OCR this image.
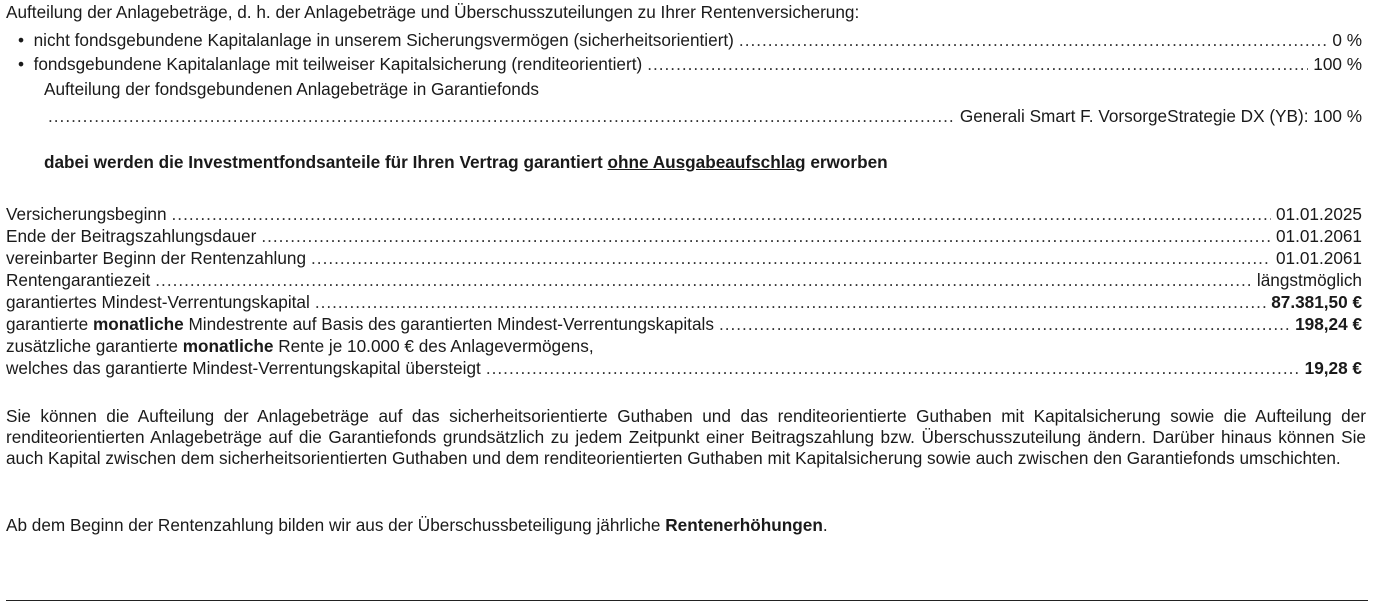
Aufteilung der Anlagebeträge, d. h. der Anlagebeträge und Überschusszuteilungen zu Ihrer Rentenversicherung:
• nicht fondsgebundene Kapitalanlage in unserem Sicherungsvermögen (sicherheitsorientiert) .....	0 %
• fondsgebundene Kapitalanlage mit teilweiser Kapitalsicherung (renditeorientiert) .....	100 %
Aufteilung der fondsgebundenen Anlagebeträge in Garantiefonds
.....
Generali Smart F. VorsorgeStrategie DX (YB): 100 %
dabei werden die Investmentfondsanteile für Ihren Vertrag garantiert ohne Ausgabeaufschlag erworben
Versicherungsbeginn .....	01.01.2025
Ende der Beitragszahlungsdauer .....	01.01.2061
vereinbarter Beginn der Rentenzahlung .....	01.01.2061
Rentengarantiezeit .....	längstmöglich
garantiertes Mindest-Verrentungskapital .....	87.381,50 €
garantierte monatliche Mindestrente auf Basis des garantierten Mindest-Verrentungskapitals .....	198,24 €
zusätzliche garantierte monatliche Rente je 10.000 € des Anlagevermögens,
welches das garantierte Mindest-Verrentungskapital übersteigt .....	19,28 €
Sie können die Aufteilung der Anlagebeträge auf das sicherheitsorientierte Guthaben und das renditeorientierte Guthaben mit Kapitalsicherung sowie die Aufteilung der renditeorientierten Anlagebeträge auf die Garantiefonds grundsätzlich zu jedem Zeitpunkt einer Beitragszahlung bzw. Überschusszuteilung ändern. Darüber hinaus können Sie auch Kapital zwischen dem sicherheitsorientierten Guthaben und dem renditeorientierten Guthaben mit Kapitalsicherung sowie auch zwischen den Garantiefonds umschichten.
Ab dem Beginn der Rentenzahlung bilden wir aus der Überschussbeteiligung jährliche Rentenerhöhungen.
